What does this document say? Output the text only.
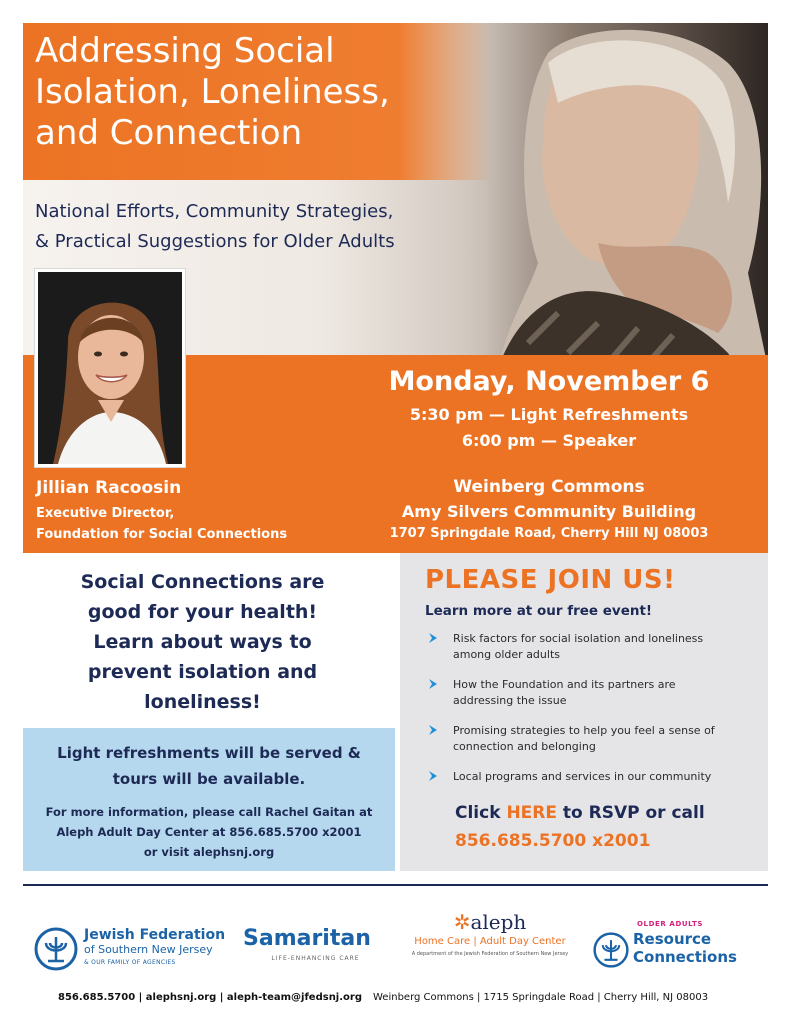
Addressing Social
Isolation, Loneliness,
and Connection
National Efforts, Community Strategies,
& Practical Suggestions for Older Adults
Jillian Racoosin
Executive Director,
Foundation for Social Connections
Monday, November 6
5:30 pm — Light Refreshments
6:00 pm — Speaker
Weinberg Commons
Amy Silvers Community Building
1707 Springdale Road, Cherry Hill NJ 08003
Social Connections are
good for your health!
Learn about ways to
prevent isolation and
loneliness!
Light refreshments will be served &
tours will be available.
For more information, please call Rachel Gaitan at
Aleph Adult Day Center at 856.685.5700 x2001
or visit alephsnj.org
PLEASE JOIN US!
Learn more at our free event!
Risk factors for social isolation and loneliness
among older adults
How the Foundation and its partners are
addressing the issue
Promising strategies to help you feel a sense of
connection and belonging
Local programs and services in our community
Click HERE to RSVP or call
856.685.5700 x2001
Jewish Federation
of Southern New Jersey
& OUR FAMILY OF AGENCIES
Samaritan
LIFE-ENHANCING CARE
✲aleph
Home Care | Adult Day Center
A department of the Jewish Federation of Southern New Jersey
OLDER ADULTS
Resource
Connections
856.685.5700 | alephsnj.org | aleph-team@jfedsnj.org Weinberg Commons | 1715 Springdale Road | Cherry Hill, NJ 08003
